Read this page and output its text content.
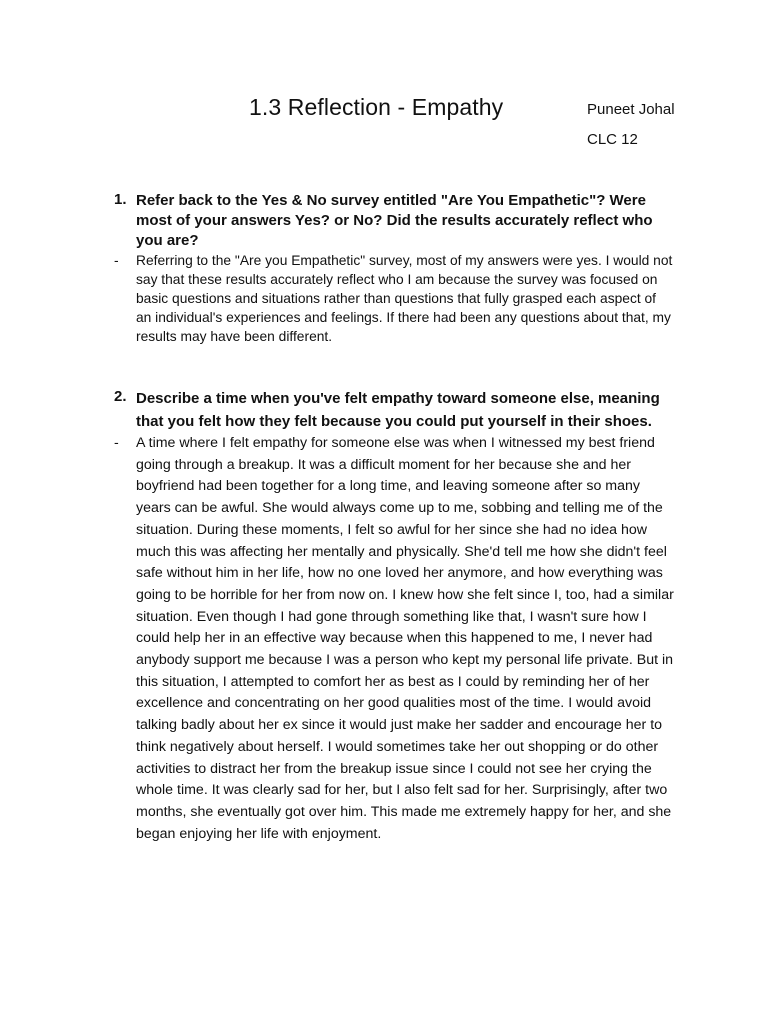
1.3 Reflection - Empathy	Puneet Johal
CLC 12
1. Refer back to the Yes & No survey entitled "Are You Empathetic"? Were most of your answers Yes? or No? Did the results accurately reflect who you are?
- Referring to the "Are you Empathetic" survey, most of my answers were yes. I would not say that these results accurately reflect who I am because the survey was focused on basic questions and situations rather than questions that fully grasped each aspect of an individual's experiences and feelings. If there had been any questions about that, my results may have been different.
2. Describe a time when you've felt empathy toward someone else, meaning that you felt how they felt because you could put yourself in their shoes.
- A time where I felt empathy for someone else was when I witnessed my best friend going through a breakup. It was a difficult moment for her because she and her boyfriend had been together for a long time, and leaving someone after so many years can be awful. She would always come up to me, sobbing and telling me of the situation. During these moments, I felt so awful for her since she had no idea how much this was affecting her mentally and physically. She'd tell me how she didn't feel safe without him in her life, how no one loved her anymore, and how everything was going to be horrible for her from now on. I knew how she felt since I, too, had a similar situation. Even though I had gone through something like that, I wasn't sure how I could help her in an effective way because when this happened to me, I never had anybody support me because I was a person who kept my personal life private. But in this situation, I attempted to comfort her as best as I could by reminding her of her excellence and concentrating on her good qualities most of the time. I would avoid talking badly about her ex since it would just make her sadder and encourage her to think negatively about herself. I would sometimes take her out shopping or do other activities to distract her from the breakup issue since I could not see her crying the whole time. It was clearly sad for her, but I also felt sad for her. Surprisingly, after two months, she eventually got over him. This made me extremely happy for her, and she began enjoying her life with enjoyment.
